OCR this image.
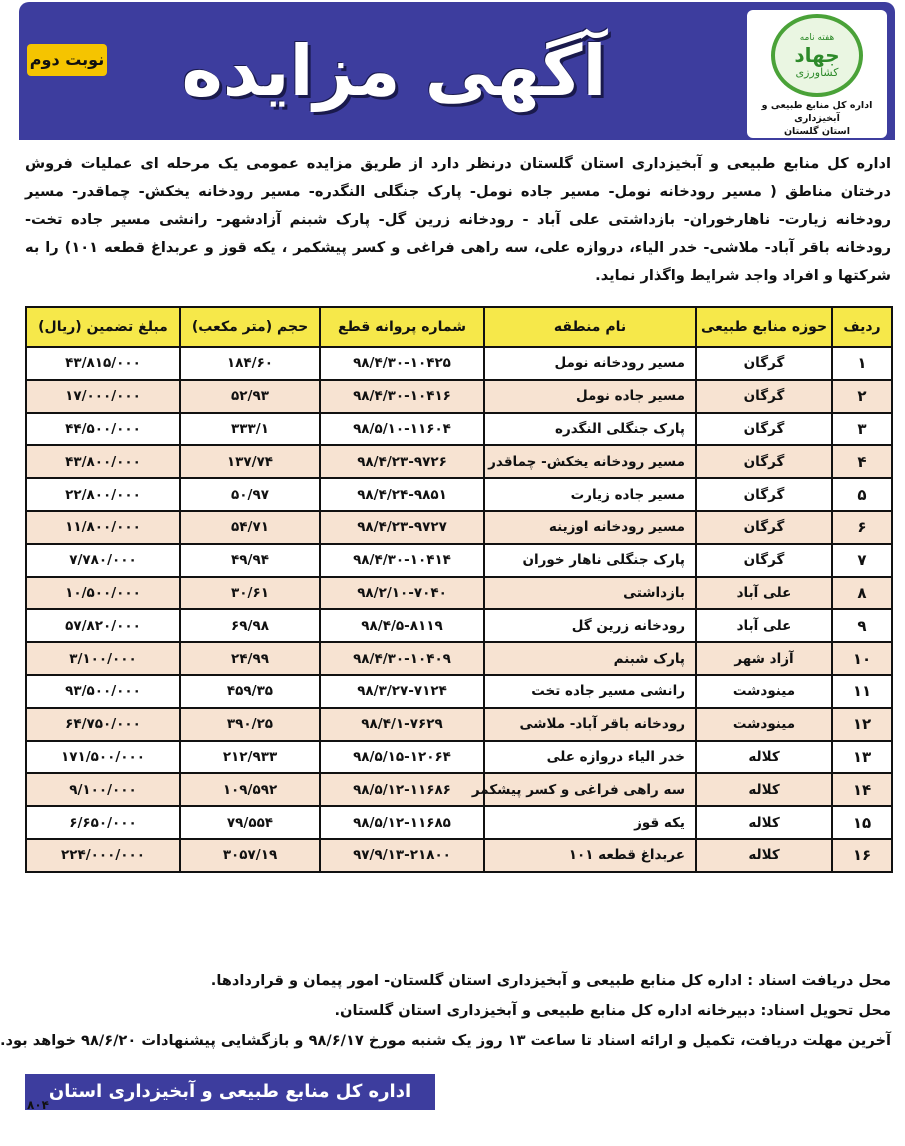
هفته نامه
جهاد
کشاورزی
اداره کل منابع طبیعی و آبخیزداری
استان گلستان
آگهی مزایده
نوبت دوم

اداره کل منابع طبیعی و آبخیزداری استان گلستان درنظر دارد از طریق مزایده عمومی یک مرحله ای عملیات فروش درختان مناطق ( مسیر رودخانه نومل- مسیر جاده نومل- پارک جنگلی النگدره- مسیر رودخانه یخکش- چماقدر- مسیر رودخانه زیارت- ناهارخوران- بازداشتی علی آباد - رودخانه زرین گل- پارک شبنم آزادشهر- رانشی مسیر جاده تخت- رودخانه باقر آباد- ملاشی- خدر الیاء، دروازه علی، سه راهی فراغی و کسر پیشکمر ، یکه قوز و عربداغ قطعه ۱۰۱) را به شرکتها و افراد واجد شرایط واگذار نماید.

ردیف	حوزه منابع طبیعی	نام منطقه	شماره پروانه قطع	حجم (متر مکعب)	مبلغ تضمین (ریال)
۱	گرگان	مسیر رودخانه نومل	۹۸/۴/۳۰-۱۰۴۲۵	۱۸۴/۶۰	۴۳/۸۱۵/۰۰۰
۲	گرگان	مسیر جاده نومل	۹۸/۴/۳۰-۱۰۴۱۶	۵۲/۹۳	۱۷/۰۰۰/۰۰۰
۳	گرگان	پارک جنگلی النگدره	۹۸/۵/۱۰-۱۱۶۰۴	۳۳۳/۱	۴۴/۵۰۰/۰۰۰
۴	گرگان	مسیر رودخانه یخکش- چماقدر	۹۸/۴/۲۳-۹۷۲۶	۱۳۷/۷۴	۴۳/۸۰۰/۰۰۰
۵	گرگان	مسیر جاده زیارت	۹۸/۴/۲۴-۹۸۵۱	۵۰/۹۷	۲۲/۸۰۰/۰۰۰
۶	گرگان	مسیر رودخانه اوزینه	۹۸/۴/۲۳-۹۷۲۷	۵۴/۷۱	۱۱/۸۰۰/۰۰۰
۷	گرگان	پارک جنگلی ناهار خوران	۹۸/۴/۳۰-۱۰۴۱۴	۴۹/۹۴	۷/۷۸۰/۰۰۰
۸	علی آباد	بازداشتی	۹۸/۲/۱۰-۷۰۴۰	۳۰/۶۱	۱۰/۵۰۰/۰۰۰
۹	علی آباد	رودخانه زرین گل	۹۸/۴/۵-۸۱۱۹	۶۹/۹۸	۵۷/۸۲۰/۰۰۰
۱۰	آزاد شهر	پارک شبنم	۹۸/۴/۳۰-۱۰۴۰۹	۲۴/۹۹	۳/۱۰۰/۰۰۰
۱۱	مینودشت	رانشی مسیر جاده تخت	۹۸/۳/۲۷-۷۱۲۴	۴۵۹/۳۵	۹۳/۵۰۰/۰۰۰
۱۲	مینودشت	رودخانه باقر آباد- ملاشی	۹۸/۴/۱-۷۶۲۹	۳۹۰/۲۵	۶۴/۷۵۰/۰۰۰
۱۳	کلاله	خدر الیاء دروازه علی	۹۸/۵/۱۵-۱۲۰۶۴	۲۱۲/۹۳۳	۱۷۱/۵۰۰/۰۰۰
۱۴	کلاله	سه راهی فراغی و کسر پیشکمر	۹۸/۵/۱۲-۱۱۶۸۶	۱۰۹/۵۹۲	۹/۱۰۰/۰۰۰
۱۵	کلاله	یکه قوز	۹۸/۵/۱۲-۱۱۶۸۵	۷۹/۵۵۴	۶/۶۵۰/۰۰۰
۱۶	کلاله	عربداغ قطعه ۱۰۱	۹۷/۹/۱۳-۲۱۸۰۰	۳۰۵۷/۱۹	۲۲۴/۰۰۰/۰۰۰

محل دریافت اسناد : اداره کل منابع طبیعی و آبخیزداری استان گلستان- امور پیمان و قراردادها.

محل تحویل اسناد: دبیرخانه اداره کل منابع طبیعی و آبخیزداری استان گلستان.

آخرین مهلت دریافت، تکمیل و ارائه اسناد تا ساعت ۱۳ روز یک شنبه مورخ ۹۸/۶/۱۷ و بازگشایی پیشنهادات ۹۸/۶/۲۰ خواهد بود.

اداره کل منابع طبیعی و آبخیزداری استان گلستان
۸۰۴
